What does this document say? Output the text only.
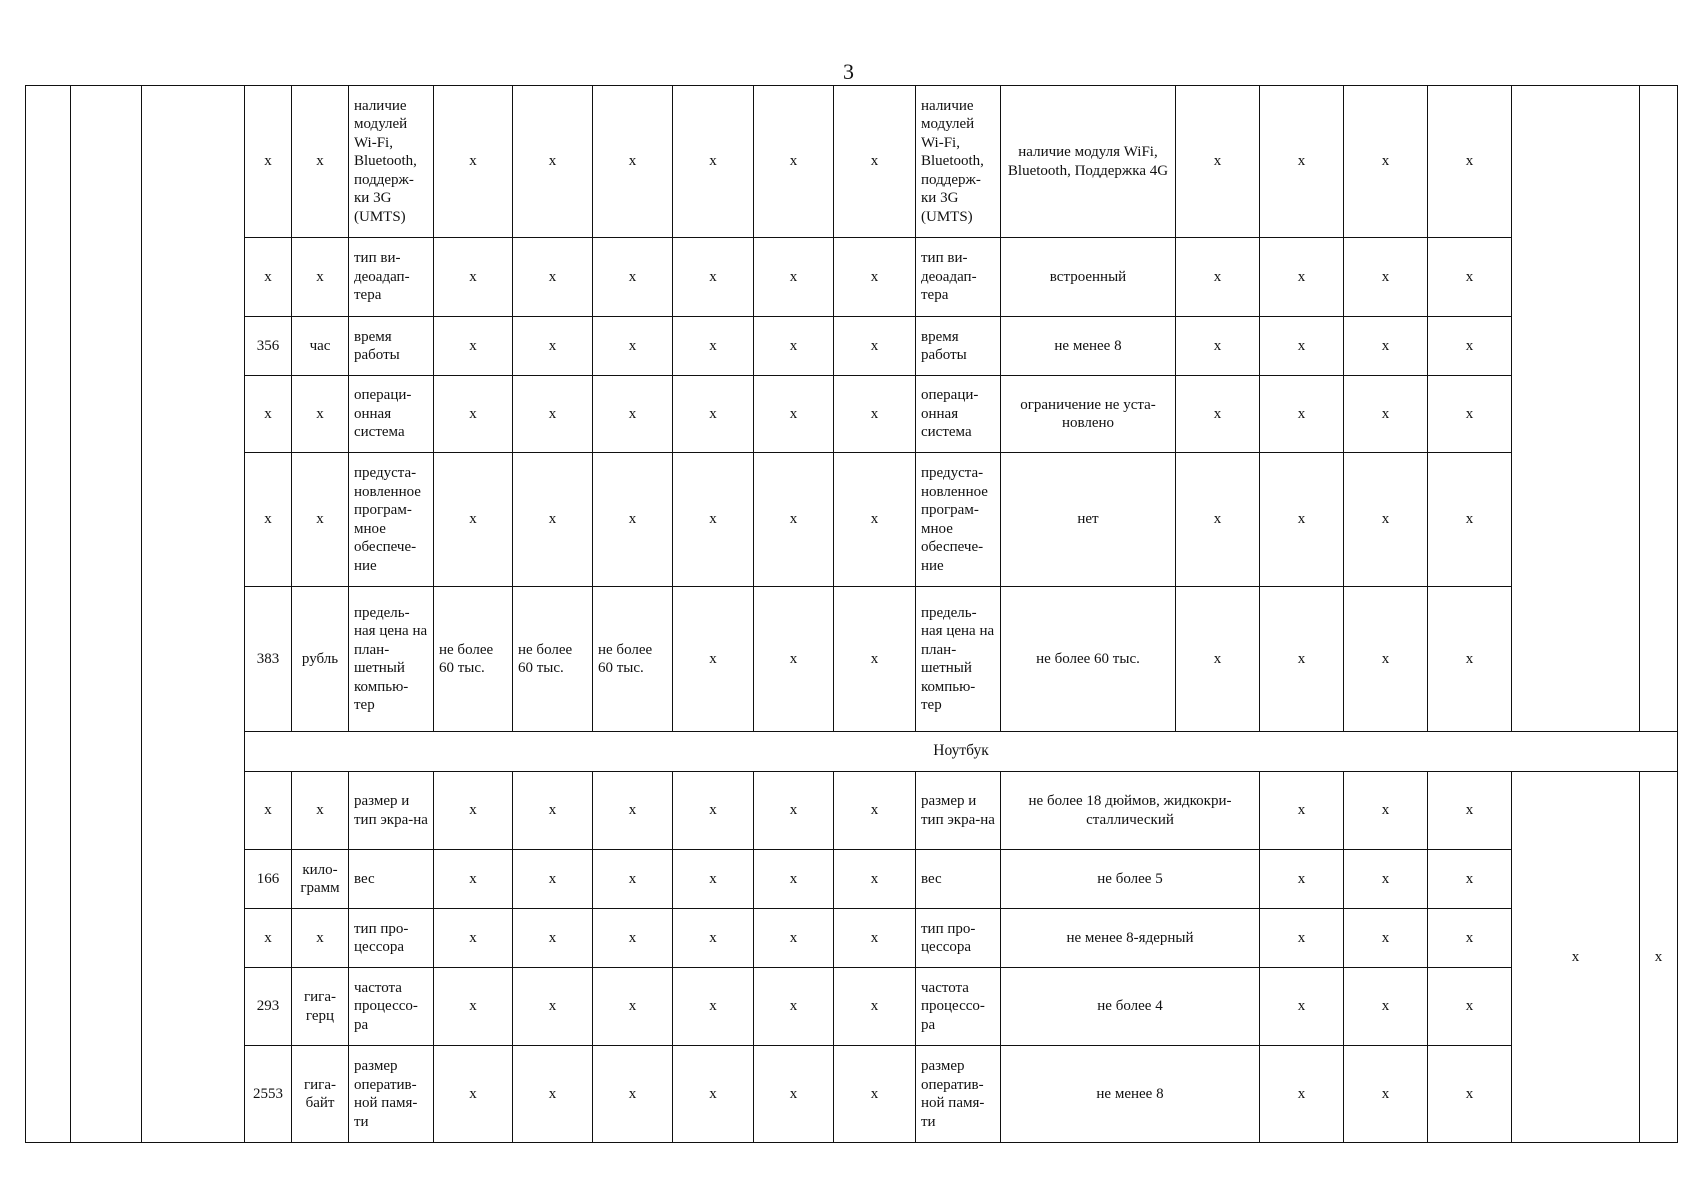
3
			x	x	наличие модулей Wi-Fi, Bluetooth, поддерж-ки 3G (UMTS)	x	x	x	x	x	x	наличие модулей Wi-Fi, Bluetooth, поддерж-ки 3G (UMTS)	наличие модуля WiFi, Bluetooth, Поддержка 4G	x	x	x	x		
			x	x	тип ви-деоадап-тера	x	x	x	x	x	x	тип ви-деоадап-тера	встроенный	x	x	x	x		
			356	час	время работы	x	x	x	x	x	x	время работы	не менее 8	x	x	x	x		
			x	x	операци-онная система	x	x	x	x	x	x	операци-онная система	ограничение не уста-новлено	x	x	x	x		
			x	x	предуста-новленное програм-мное обеспече-ние	x	x	x	x	x	x	предуста-новленное програм-мное обеспече-ние	нет	x	x	x	x		
			383	рубль	предель-ная цена на план-шетный компью-тер	не более 60 тыс.	не более 60 тыс.	не более 60 тыс.	x	x	x	предель-ная цена на план-шетный компью-тер	не более 60 тыс.	x	x	x	x		
			Ноутбук																
			x	x	размер и тип экра-на	x	x	x	x	x	x	размер и тип экра-на	не более 18 дюймов, жидкокри-сталлический		x	x	x	x	x
			166	кило-грамм	вес	x	x	x	x	x	x	вес	не более 5		x	x	x		
			x	x	тип про-цессора	x	x	x	x	x	x	тип про-цессора	не менее 8-ядерный		x	x	x		
			293	гига-герц	частота процессо-ра	x	x	x	x	x	x	частота процессо-ра	не более 4		x	x	x		
			2553	гига-байт	размер оператив-ной памя-ти	x	x	x	x	x	x	размер оператив-ной памя-ти	не менее 8		x	x	x		
